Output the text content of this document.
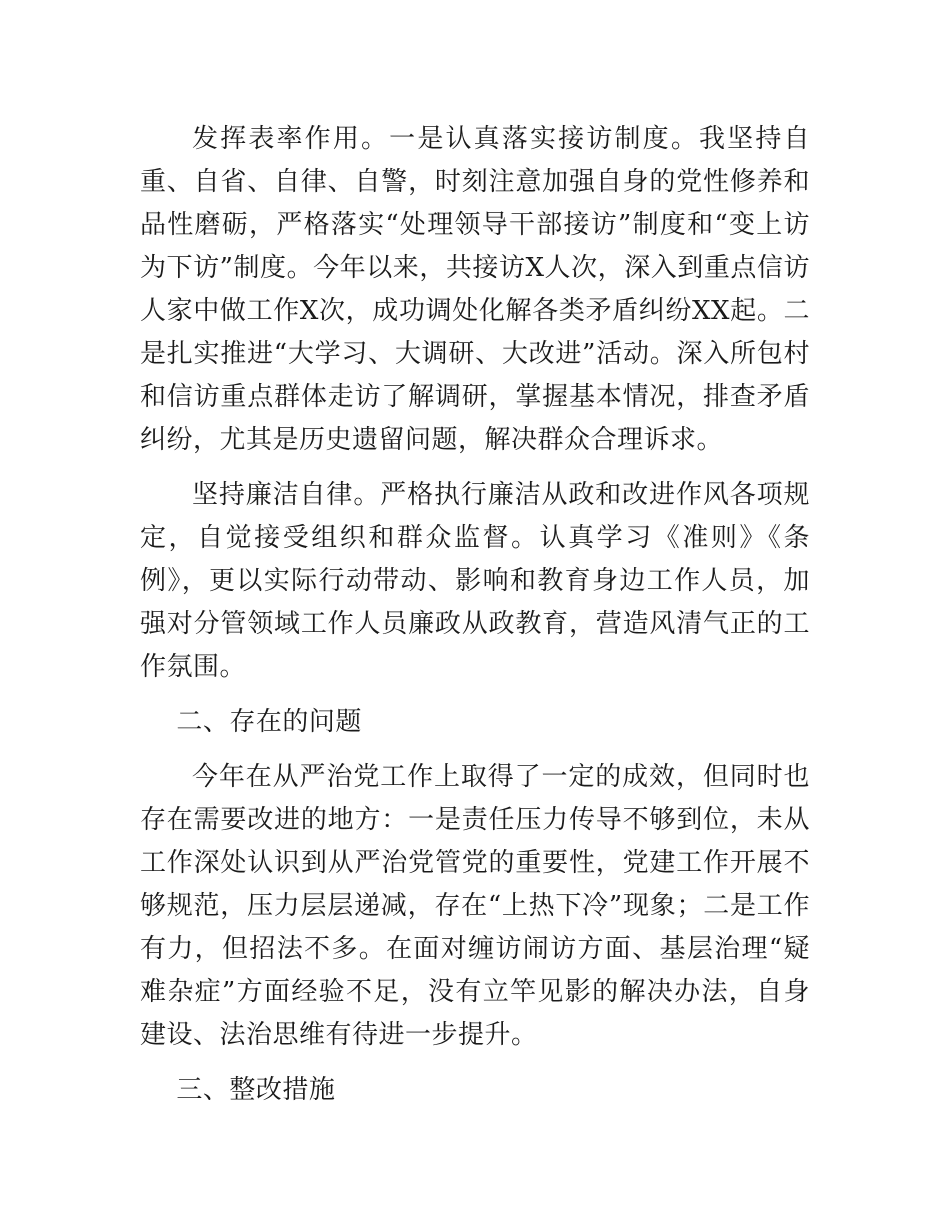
发挥表率作用。一是认真落实接访制度。我坚持自重、自省、自律、自警，时刻注意加强自身的党性修养和品性磨砺，严格落实“处理领导干部接访”制度和“变上访为下访”制度。今年以来，共接访X人次，深入到重点信访人家中做工作X次，成功调处化解各类矛盾纠纷XX起。二是扎实推进“大学习、大调研、大改进”活动。深入所包村和信访重点群体走访了解调研，掌握基本情况，排查矛盾纠纷，尤其是历史遗留问题，解决群众合理诉求。

坚持廉洁自律。严格执行廉洁从政和改进作风各项规定，自觉接受组织和群众监督。认真学习《准则》《条例》，更以实际行动带动、影响和教育身边工作人员，加强对分管领域工作人员廉政从政教育，营造风清气正的工作氛围。

二、存在的问题

今年在从严治党工作上取得了一定的成效，但同时也存在需要改进的地方：一是责任压力传导不够到位，未从工作深处认识到从严治党管党的重要性，党建工作开展不够规范，压力层层递减，存在“上热下冷”现象；二是工作有力，但招法不多。在面对缠访闹访方面、基层治理“疑难杂症”方面经验不足，没有立竿见影的解决办法，自身建设、法治思维有待进一步提升。

三、整改措施
